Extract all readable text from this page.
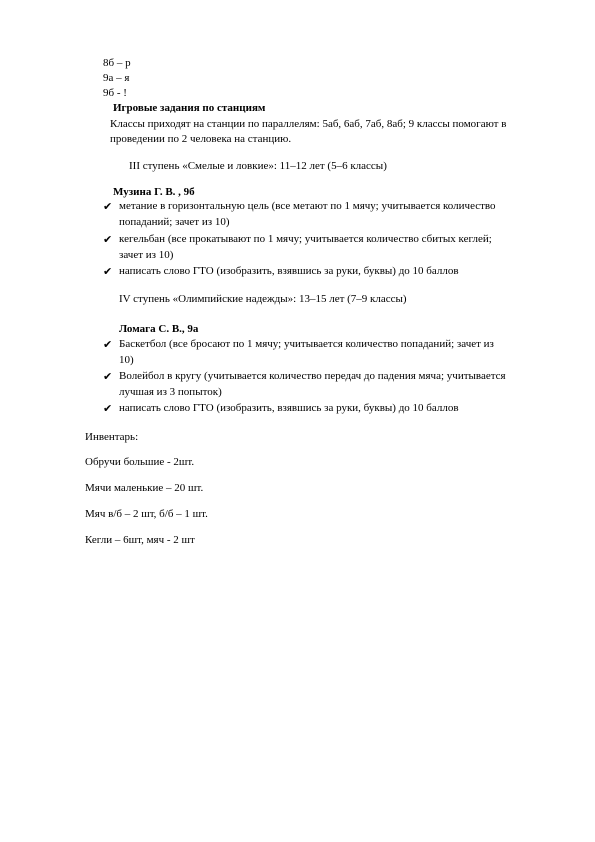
8б – р
9а – я
9б - !
Игровые задания по станциям
Классы приходят на станции по параллелям: 5аб, 6аб, 7аб, 8аб; 9 классы помогают в
проведении по 2 человека на станцию.
III ступень «Смелые и ловкие»: 11–12 лет (5–6 классы)
Музина Г. В. , 9б
✔ метание в горизонтальную цель (все метают по 1 мячу; учитывается количество
попаданий; зачет из 10)
✔ кегельбан (все прокатывают по 1 мячу; учитывается количество сбитых кеглей;
зачет из 10)
✔ написать слово ГТО (изобразить, взявшись за руки, буквы) до 10 баллов
IV ступень «Олимпийские надежды»: 13–15 лет (7–9 классы)
Ломага С. В., 9а
✔ Баскетбол (все бросают по 1 мячу; учитывается количество попаданий; зачет из
10)
✔ Волейбол в кругу (учитывается количество передач до падения мяча; учитывается
лучшая из 3 попыток)
✔ написать слово ГТО (изобразить, взявшись за руки, буквы) до 10 баллов
Инвентарь:
Обручи большие - 2шт.
Мячи маленькие – 20 шт.
Мяч в/б – 2 шт, б/б – 1 шт.
Кегли – 6шт, мяч - 2 шт
